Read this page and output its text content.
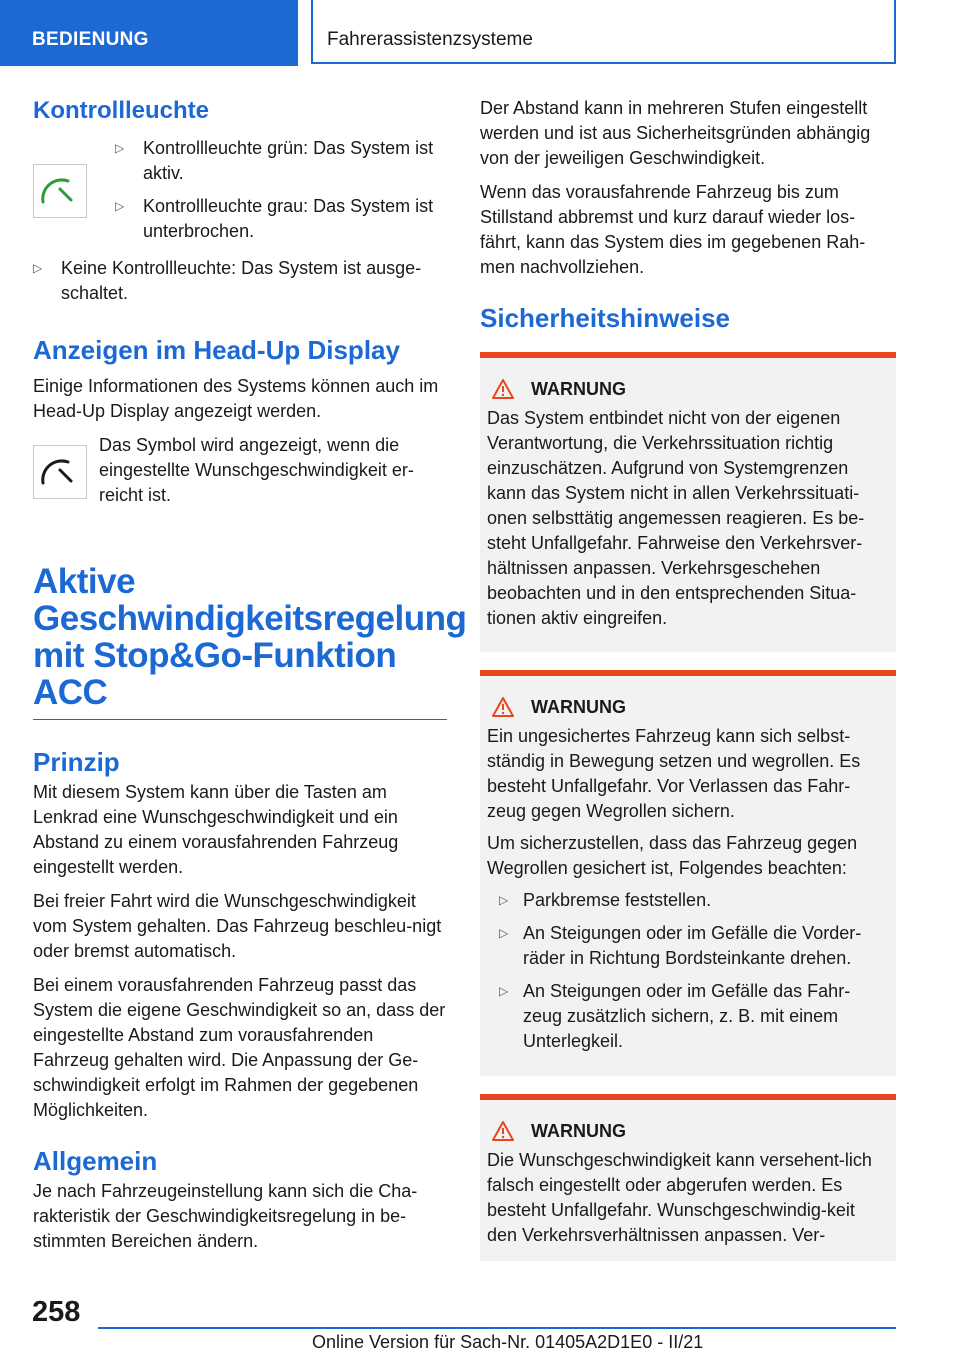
BEDIENUNG	Fahrerassistenzsysteme
Kontrollleuchte
▷ Kontrollleuchte grün: Das System ist aktiv.
▷ Kontrollleuchte grau: Das System ist unterbrochen.
▷ Keine Kontrollleuchte: Das System ist ausge-schaltet.
Anzeigen im Head-Up Display

Einige Informationen des Systems können auch im Head-Up Display angezeigt werden.

Das Symbol wird angezeigt, wenn die eingestellte Wunschgeschwindigkeit er-reicht ist.

Aktive
Geschwindigkeitsregelung
mit Stop&Go-Funktion
ACC
Prinzip

Mit diesem System kann über die Tasten am Lenkrad eine Wunschgeschwindigkeit und ein Abstand zu einem vorausfahrenden Fahrzeug eingestellt werden.

Bei freier Fahrt wird die Wunschgeschwindigkeit vom System gehalten. Das Fahrzeug beschleu-nigt oder bremst automatisch.

Bei einem vorausfahrenden Fahrzeug passt das System die eigene Geschwindigkeit so an, dass der eingestellte Abstand zum vorausfahrenden Fahrzeug gehalten wird. Die Anpassung der Ge-schwindigkeit erfolgt im Rahmen der gegebenen Möglichkeiten.

Allgemein

Je nach Fahrzeugeinstellung kann sich die Cha-rakteristik der Geschwindigkeitsregelung in be-stimmten Bereichen ändern.

Der Abstand kann in mehreren Stufen eingestellt werden und ist aus Sicherheitsgründen abhängig von der jeweiligen Geschwindigkeit.

Wenn das vorausfahrende Fahrzeug bis zum Stillstand abbremst und kurz darauf wieder los-fährt, kann das System dies im gegebenen Rah-men nachvollziehen.

Sicherheitshinweise
WARNUNG

Das System entbindet nicht von der eigenen Verantwortung, die Verkehrssituation richtig einzuschätzen. Aufgrund von Systemgrenzen kann das System nicht in allen Verkehrssituati-onen selbsttätig angemessen reagieren. Es be-steht Unfallgefahr. Fahrweise den Verkehrsver-hältnissen anpassen. Verkehrsgeschehen beobachten und in den entsprechenden Situa-tionen aktiv eingreifen.

WARNUNG

Ein ungesichertes Fahrzeug kann sich selbst-ständig in Bewegung setzen und wegrollen. Es besteht Unfallgefahr. Vor Verlassen das Fahr-zeug gegen Wegrollen sichern.

Um sicherzustellen, dass das Fahrzeug gegen Wegrollen gesichert ist, Folgendes beachten:

▷ Parkbremse feststellen.
▷ An Steigungen oder im Gefälle die Vorder-räder in Richtung Bordsteinkante drehen.
▷ An Steigungen oder im Gefälle das Fahr-zeug zusätzlich sichern, z. B. mit einem Unterlegkeil.
WARNUNG

Die Wunschgeschwindigkeit kann versehent-lich falsch eingestellt oder abgerufen werden. Es besteht Unfallgefahr. Wunschgeschwindig-keit den Verkehrsverhältnissen anpassen. Ver-

258
Online Version für Sach-Nr. 01405A2D1E0 - II/21
